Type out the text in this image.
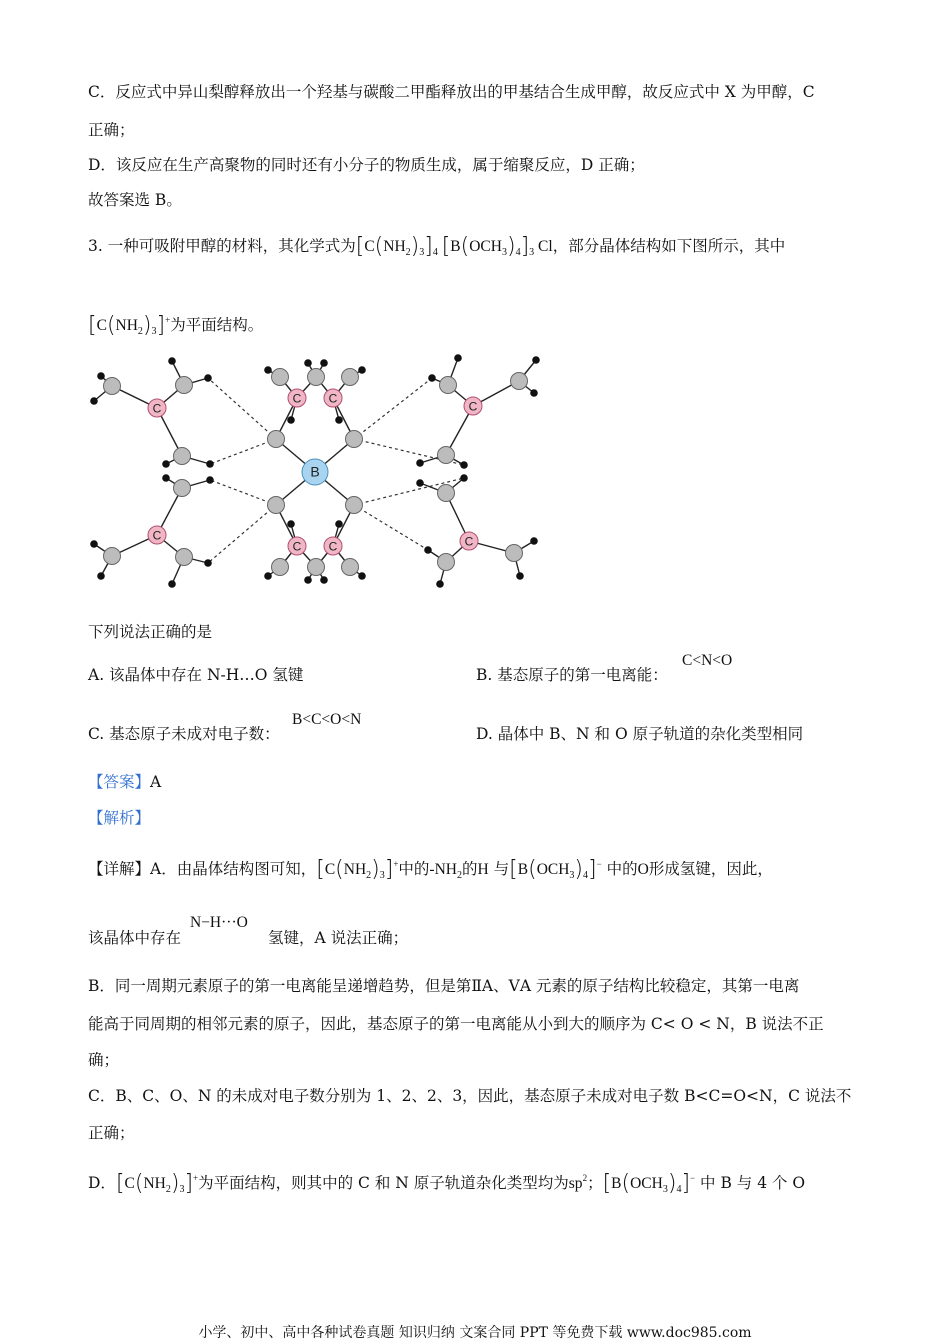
C．反应式中异山梨醇释放出一个羟基与碳酸二甲酯释放出的甲基结合生成甲醇，故反应式中 X 为甲醇，C
正确；
D．该反应在生产高聚物的同时还有小分子的物质生成，属于缩聚反应，D 正确；
故答案选 B。
3. 一种可吸附甲醇的材料，其化学式为$[C(NH_2)_3]_4$ $[B(OCH_3)_4]_3$ Cl，部分晶体结构如下图所示，其中
$[C(NH_2)_3]^+$为平面结构。
B
C C
C C
C
C
C
C
下列说法正确的是
A. 该晶体中存在 N-H…O 氢键	B. 基态原子的第一电离能：
C<N<O
C. 基态原子未成对电子数：
B<C<O<N
D. 晶体中 B、N 和 O 原子轨道的杂化类型相同
【答案】A
【解析】
【详解】A．由晶体结构图可知，$[C(NH_2)_3]^+$中的$-NH_2$的H 与$[B(OCH_3)_4]^-$ 中的O形成氢键，因此，
该晶体中存在
N−H···O
氢键，A 说法正确；
B．同一周期元素原子的第一电离能呈递增趋势，但是第ⅡA、ⅤA 元素的原子结构比较稳定，其第一电离
能高于同周期的相邻元素的原子，因此，基态原子的第一电离能从小到大的顺序为 C< O < N，B 说法不正
确；
C．B、C、O、N 的未成对电子数分别为 1、2、2、3，因此，基态原子未成对电子数 B<C=O<N，C 说法不
正确；
D．$[C(NH_2)_3]^+$为平面结构，则其中的 C 和 N 原子轨道杂化类型均为$sp^2$；$[B(OCH_3)_4]^-$ 中 B 与 4 个 O
小学、初中、高中各种试卷真题 知识归纳 文案合同 PPT 等免费下载 www.doc985.com
